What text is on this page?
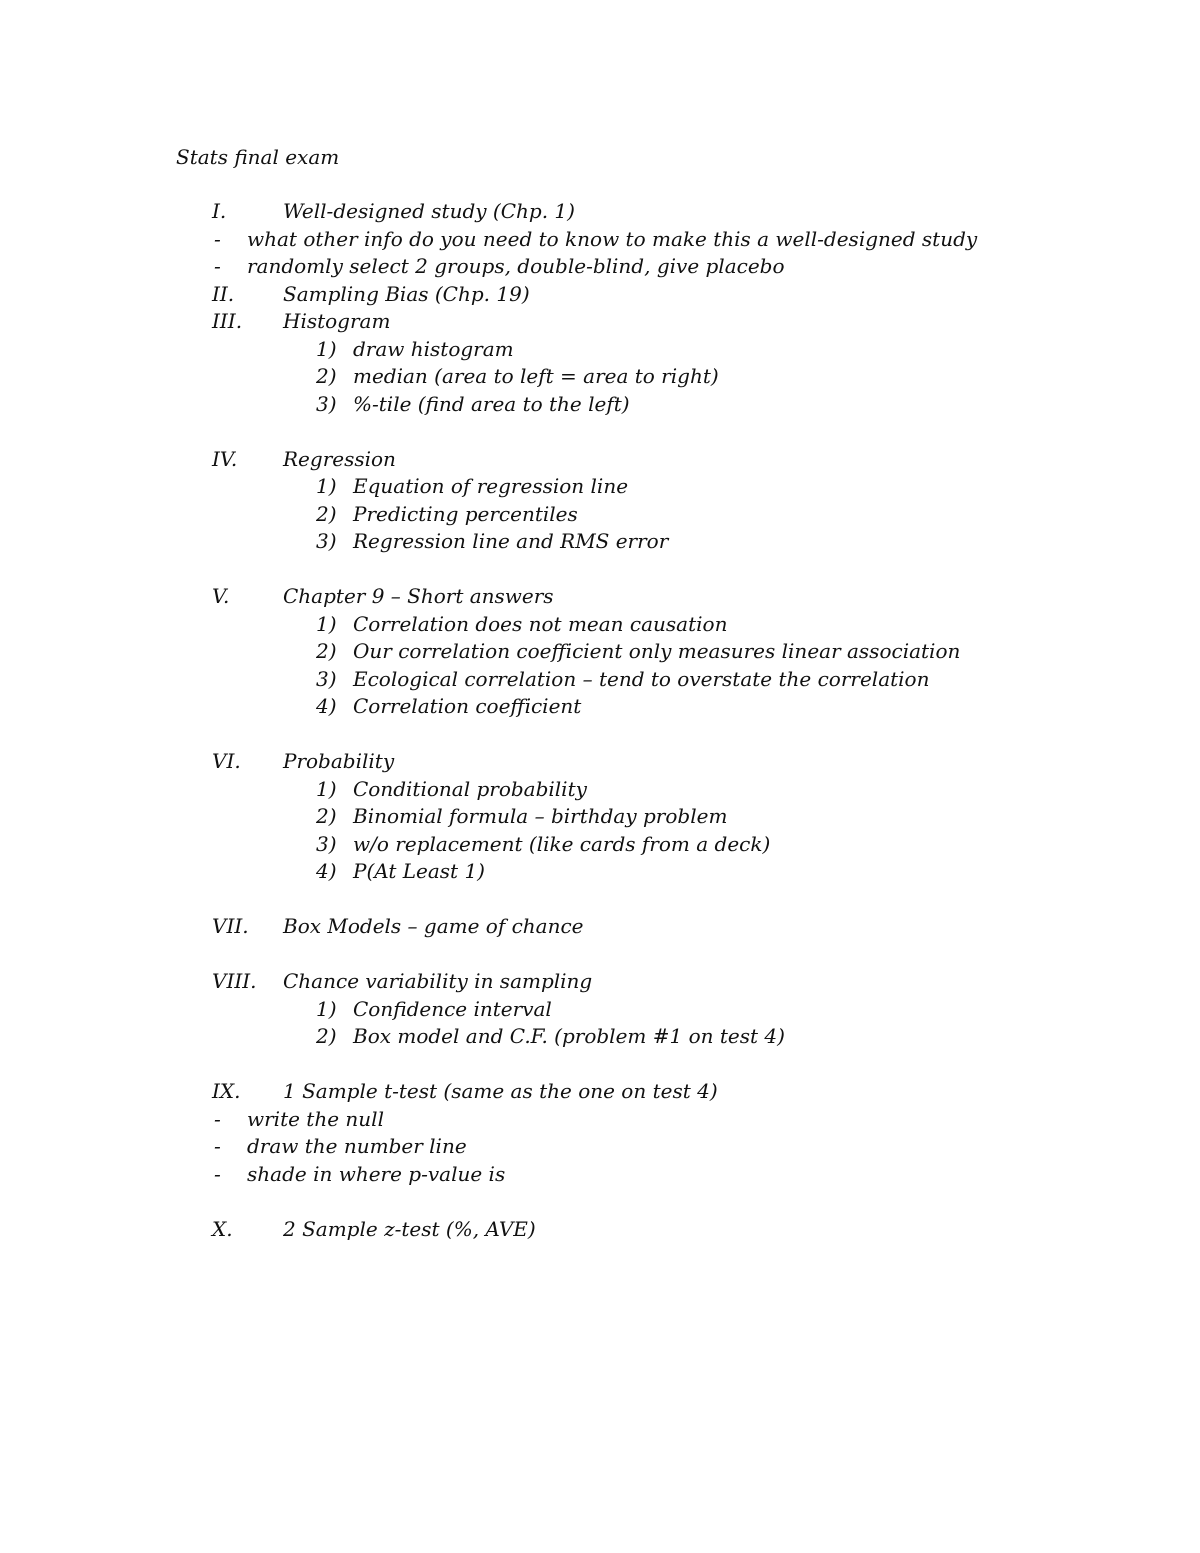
Stats final exam
I.	Well-designed study (Chp. 1)
- what other info do you need to know to make this a well-designed study
- randomly select 2 groups, double-blind, give placebo
II. Sampling Bias (Chp. 19)
III. Histogram
1) draw histogram
2) median (area to left = area to right)
3) %-tile (find area to the left)
IV. Regression
1) Equation of regression line
2) Predicting percentiles
3) Regression line and RMS error
V.	Chapter 9 – Short answers
1) Correlation does not mean causation
2) Our correlation coefficient only measures linear association
3) Ecological correlation – tend to overstate the correlation
4) Correlation coefficient
VI. Probability
1) Conditional probability
2) Binomial formula – birthday problem
3) w/o replacement (like cards from a deck)
4) P(At Least 1)
VII. Box Models – game of chance
VIII. Chance variability in sampling
1) Confidence interval
2) Box model and C.F. (problem #1 on test 4)
IX. 1 Sample t-test (same as the one on test 4)
- write the null
- draw the number line
- shade in where p-value is
X.	2 Sample z-test (%, AVE)
